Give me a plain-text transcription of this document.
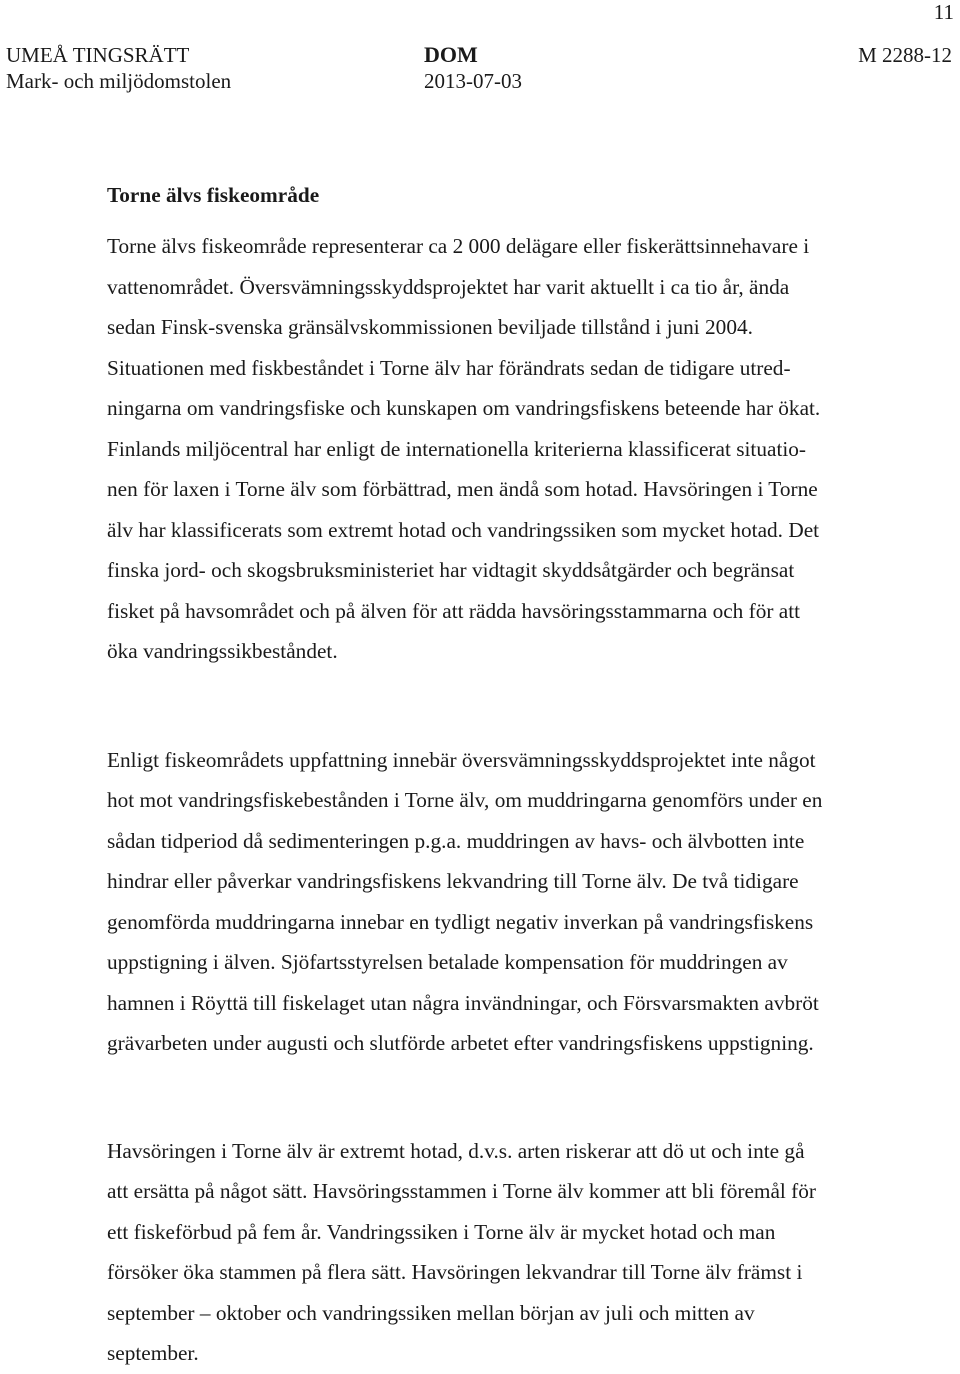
11
UMEÅ TINGSRÄTT
Mark- och miljödomstolen
DOM
2013-07-03
M 2288-12
Torne älvs fiskeområde
Torne älvs fiskeområde representerar ca 2 000 delägare eller fiskerättsinnehavare i
vattenområdet. Översvämningsskyddsprojektet har varit aktuellt i ca tio år, ända
sedan Finsk-svenska gränsälvskommissionen beviljade tillstånd i juni 2004.
Situationen med fiskbeståndet i Torne älv har förändrats sedan de tidigare utred-
ningarna om vandringsfiske och kunskapen om vandringsfiskens beteende har ökat.
Finlands miljöcentral har enligt de internationella kriterierna klassificerat situatio-
nen för laxen i Torne älv som förbättrad, men ändå som hotad. Havsöringen i Torne
älv har klassificerats som extremt hotad och vandringssiken som mycket hotad. Det
finska jord- och skogsbruksministeriet har vidtagit skyddsåtgärder och begränsat
fisket på havsområdet och på älven för att rädda havsöringsstammarna och för att
öka vandringssikbeståndet.
Enligt fiskeområdets uppfattning innebär översvämningsskyddsprojektet inte något
hot mot vandringsfiskebestånden i Torne älv, om muddringarna genomförs under en
sådan tidperiod då sedimenteringen p.g.a. muddringen av havs- och älvbotten inte
hindrar eller påverkar vandringsfiskens lekvandring till Torne älv. De två tidigare
genomförda muddringarna innebar en tydligt negativ inverkan på vandringsfiskens
uppstigning i älven. Sjöfartsstyrelsen betalade kompensation för muddringen av
hamnen i Röyttä till fiskelaget utan några invändningar, och Försvarsmakten avbröt
grävarbeten under augusti och slutförde arbetet efter vandringsfiskens uppstigning.
Havsöringen i Torne älv är extremt hotad, d.v.s. arten riskerar att dö ut och inte gå
att ersätta på något sätt. Havsöringsstammen i Torne älv kommer att bli föremål för
ett fiskeförbud på fem år. Vandringssiken i Torne älv är mycket hotad och man
försöker öka stammen på flera sätt. Havsöringen lekvandrar till Torne älv främst i
september – oktober och vandringssiken mellan början av juli och mitten av
september.
